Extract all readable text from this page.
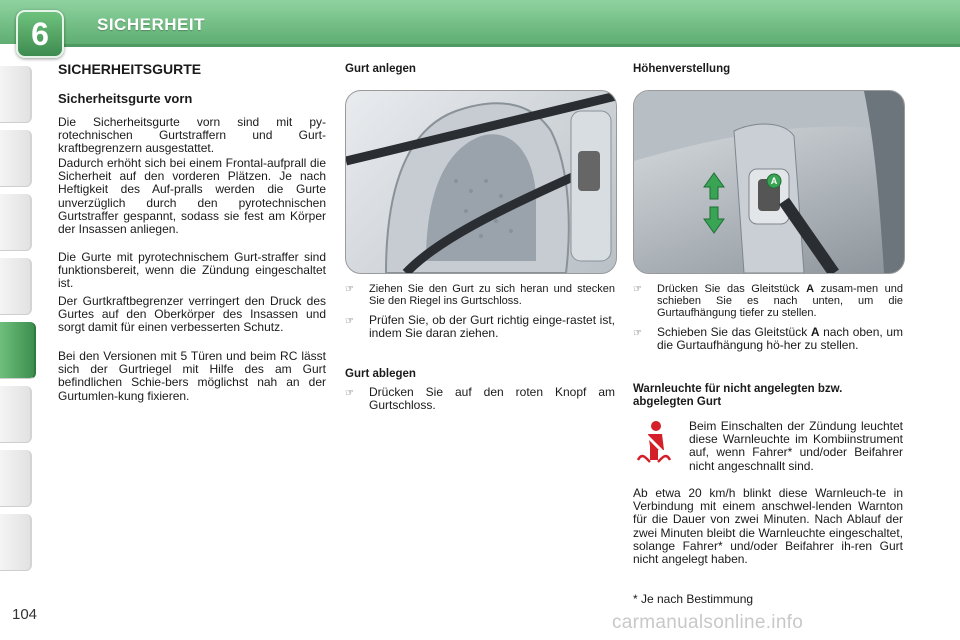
6	SICHERHEIT
SICHERHEITSGURTE
Sicherheitsgurte vorn

Die Sicherheitsgurte vorn sind mit py-rotechnischen Gurtstraffern und Gurt-kraftbegrenzern ausgestattet.

Dadurch erhöht sich bei einem Frontal-aufprall die Sicherheit auf den vorderen Plätzen. Je nach Heftigkeit des Auf-pralls werden die Gurte unverzüglich durch den pyrotechnischen Gurtstraffer gespannt, sodass sie fest am Körper der Insassen anliegen.

Die Gurte mit pyrotechnischem Gurt-straffer sind funktionsbereit, wenn die Zündung eingeschaltet ist.

Der Gurtkraftbegrenzer verringert den Druck des Gurtes auf den Oberkörper des Insassen und sorgt damit für einen verbesserten Schutz.

Bei den Versionen mit 5 Türen und beim RC lässt sich der Gurtriegel mit Hilfe des am Gurt befindlichen Schie-bers möglichst nah an der Gurtumlen-kung fixieren.

Gurt anlegen
☞	Ziehen Sie den Gurt zu sich heran und stecken Sie den Riegel ins Gurtschloss.
☞	Prüfen Sie, ob der Gurt richtig einge-rastet ist, indem Sie daran ziehen.
Gurt ablegen
☞	Drücken Sie auf den roten Knopf am Gurtschloss.
Höhenverstellung
A
☞	Drücken Sie das Gleitstück A zusam-men und schieben Sie es nach unten, um die Gurtaufhängung tiefer zu stellen.
☞	Schieben Sie das Gleitstück A nach oben, um die Gurtaufhängung hö-her zu stellen.
Warnleuchte für nicht angelegten bzw. abgelegten Gurt

Beim Einschalten der Zündung leuchtet diese Warnleuchte im Kombiinstrument auf, wenn Fahrer* und/oder Beifahrer nicht angeschnallt sind.

Ab etwa 20 km/h blinkt diese Warnleuch-te in Verbindung mit einem anschwel-lenden Warnton für die Dauer von zwei Minuten. Nach Ablauf der zwei Minuten bleibt die Warnleuchte eingeschaltet, solange Fahrer* und/oder Beifahrer ih-ren Gurt nicht angelegt haben.

* Je nach Bestimmung
104	carmanualsonline.info
